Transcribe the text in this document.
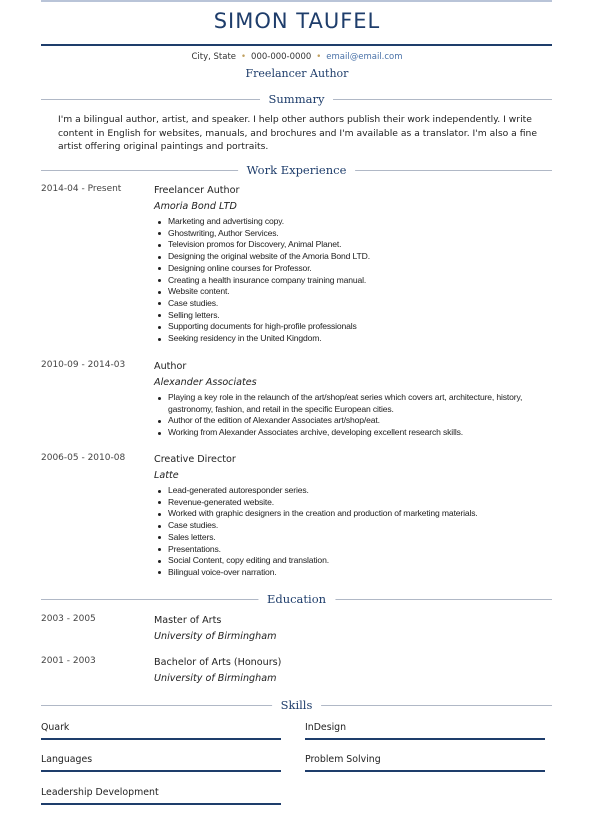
SIMON TAUFEL
City, State • 000-000-0000 • email@email.com
Freelancer Author
Summary
I'm a bilingual author, artist, and speaker. I help other authors publish their work independently. I write content in English for websites, manuals, and brochures and I'm available as a translator. I'm also a fine artist offering original paintings and portraits.
Work Experience
2014-04 - Present	Freelancer Author
Amoria Bond LTD
Marketing and advertising copy.
Ghostwriting, Author Services.
Television promos for Discovery, Animal Planet.
Designing the original website of the Amoria Bond LTD.
Designing online courses for Professor.
Creating a health insurance company training manual.
Website content.
Case studies.
Selling letters.
Supporting documents for high-profile professionals
Seeking residency in the United Kingdom.
2010-09 - 2014-03	Author
Alexander Associates
Playing a key role in the relaunch of the art/shop/eat series which covers art, architecture, history, gastronomy, fashion, and retail in the specific European cities.
Author of the edition of Alexander Associates art/shop/eat.
Working from Alexander Associates archive, developing excellent research skills.
2006-05 - 2010-08	Creative Director
Latte
Lead-generated autoresponder series.
Revenue-generated website.
Worked with graphic designers in the creation and production of marketing materials.
Case studies.
Sales letters.
Presentations.
Social Content, copy editing and translation.
Bilingual voice-over narration.
Education
2003 - 2005	Master of Arts
University of Birmingham
2001 - 2003	Bachelor of Arts (Honours)
University of Birmingham
Skills
Quark	InDesign
Languages	Problem Solving
Leadership Development
